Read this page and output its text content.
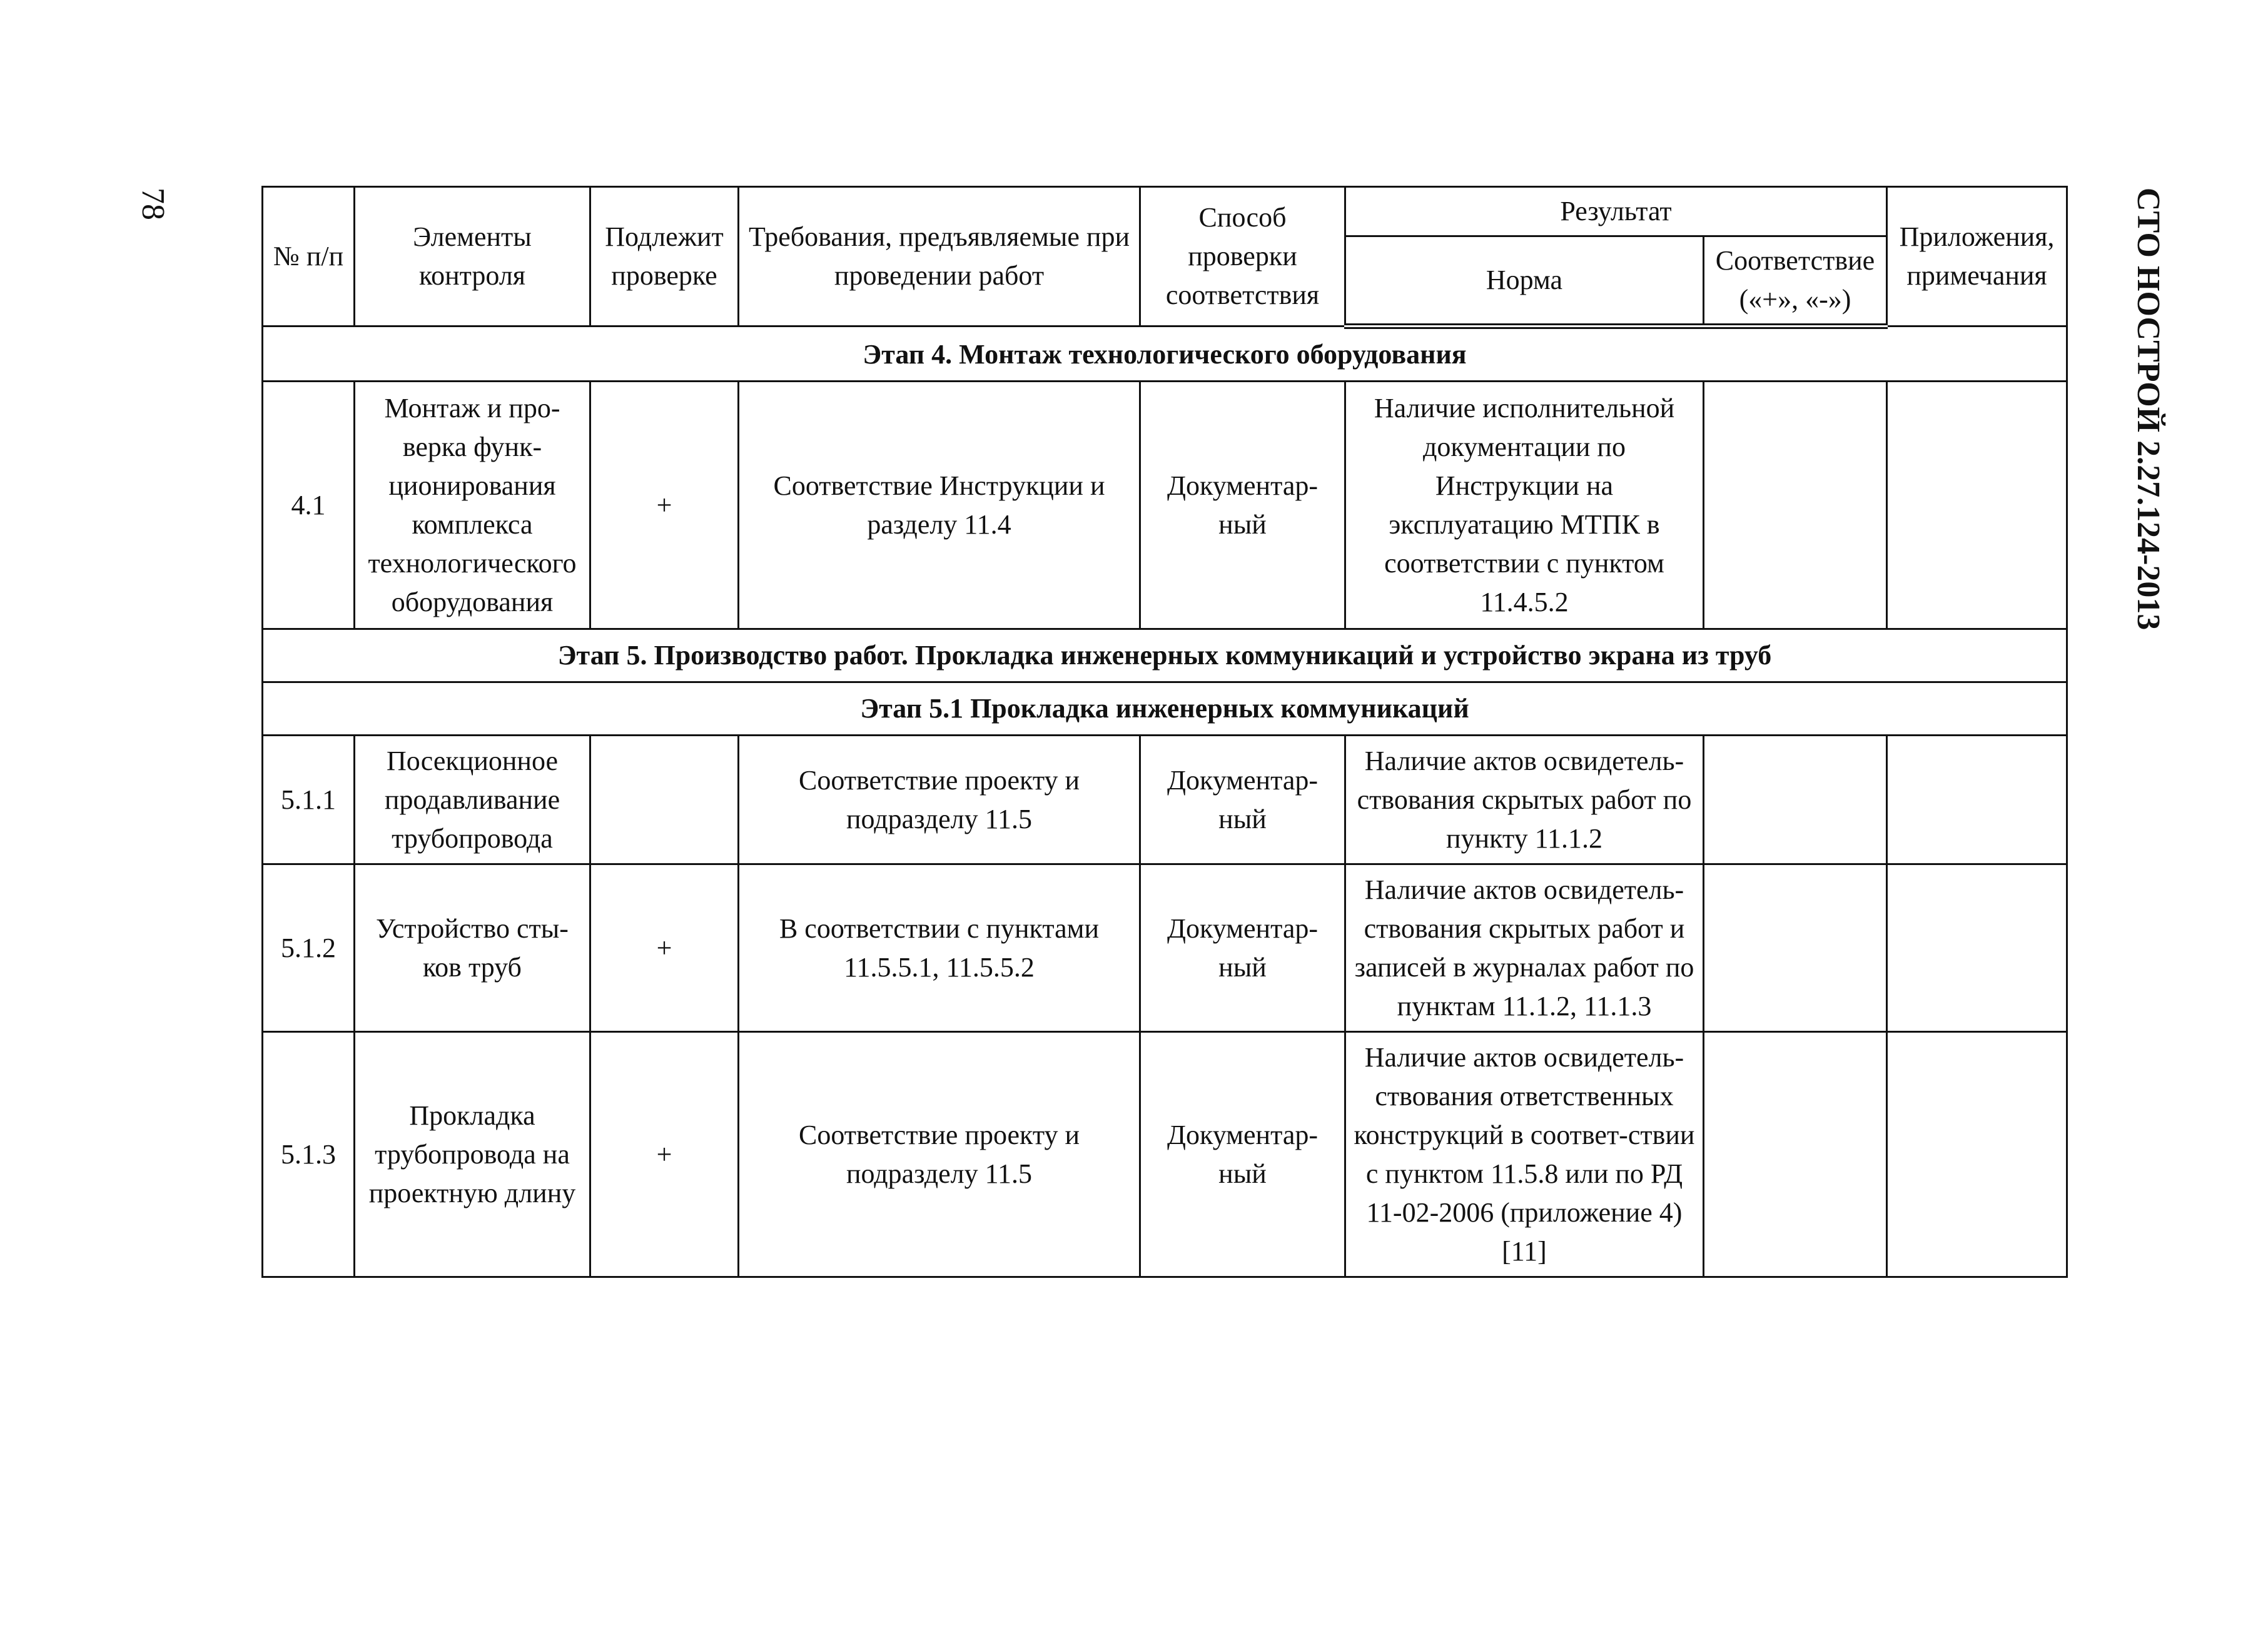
78	СТО НОСТРОЙ 2.27.124-2013
№ п/п	Элементы контроля	Подлежит проверке	Требования, предъявляемые при проведении работ	Способ проверки соответствия	Результат		Приложения, примечания
					Норма	Соответствие («+», «-»)	
Этап 4. Монтаж технологического оборудования							
4.1	Монтаж и про-верка функ-ционирования комплекса технологического оборудования	+	Соответствие Инструкции и разделу 11.4	Документар-ный	Наличие исполнительной документации по Инструкции на эксплуатацию МТПК в соответствии с пунктом 11.4.5.2		
Этап 5. Производство работ. Прокладка инженерных коммуникаций и устройство экрана из труб							
Этап 5.1 Прокладка инженерных коммуникаций							
5.1.1	Посекционное продавливание трубопровода		Соответствие проекту и подразделу 11.5	Документар-ный	Наличие актов освидетель-ствования скрытых работ по пункту 11.1.2		
5.1.2	Устройство сты-ков труб	+	В соответствии с пунктами 11.5.5.1, 11.5.5.2	Документар-ный	Наличие актов освидетель-ствования скрытых работ и записей в журналах работ по пунктам 11.1.2, 11.1.3		
5.1.3	Прокладка трубопровода на проектную длину	+	Соответствие проекту и подразделу 11.5	Документар-ный	Наличие актов освидетель-ствования ответственных конструкций в соответ-ствии с пунктом 11.5.8 или по РД 11-02-2006 (приложение 4) [11]		
